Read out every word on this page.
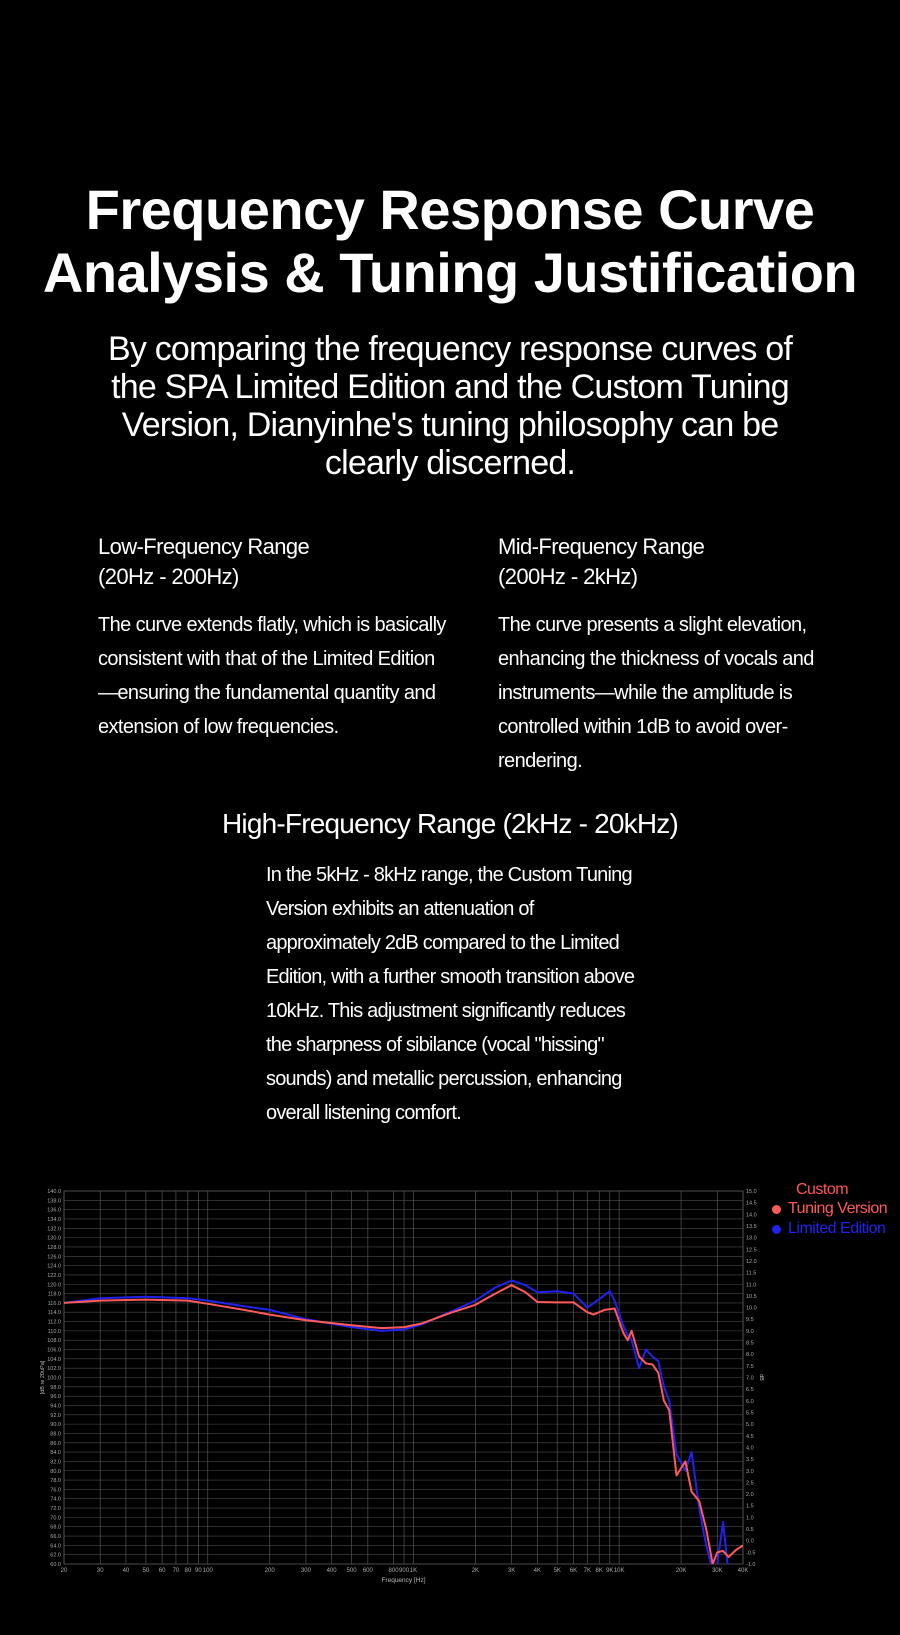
Frequency Response Curve
Analysis & Tuning Justification
By comparing the frequency response curves of the SPA Limited Edition and the Custom Tuning Version, Dianyinhe's tuning philosophy can be clearly discerned.
Low-Frequency Range
(20Hz - 200Hz)

The curve extends flatly, which is basically consistent with that of the Limited Edition—ensuring the fundamental quantity and extension of low frequencies.

Mid-Frequency Range
(200Hz - 2kHz)

The curve presents a slight elevation, enhancing the thickness of vocals and instruments—while the amplitude is controlled within 1dB to avoid over-rendering.

High-Frequency Range (2kHz - 20kHz)

In the 5kHz - 8kHz range, the Custom Tuning Version exhibits an attenuation of approximately 2dB compared to the Limited Edition, with a further smooth transition above 10kHz. This adjustment significantly reduces the sharpness of sibilance (vocal "hissing" sounds) and metallic percussion, enhancing overall listening comfort.

60.0
62.0
64.0
66.0
68.0
70.0
72.0
74.0
76.0
78.0
80.0
82.0
84.0
86.0
88.0
90.0
92.0
94.0
96.0
98.0
100.0
102.0
104.0
106.0
108.0
110.0
112.0
114.0
116.0
118.0
120.0
122.0
124.0
126.0
128.0
130.0
132.0
134.0
136.0
138.0
140.0
-1.0
-0.5
0.0
0.5
1.0
1.5
2.0
2.5
3.0
3.5
4.0
4.5
5.0
5.5
6.0
6.5
7.0
7.5
8.0
8.5
9.0
9.5
10.0
10.5
11.0
11.5
12.0
12.5
13.0
13.5
14.0
14.5
15.0
20	30	40 50 60 70 80 90 100	200	300	400 500 600	800 900 1K	2K	3K	4K 5K 6K 7K 8K 9K 10K	20K	30K	40K
Frequency [Hz]
[dB re 20uPa]	dB
Custom
Tuning Version
Limited Edition
